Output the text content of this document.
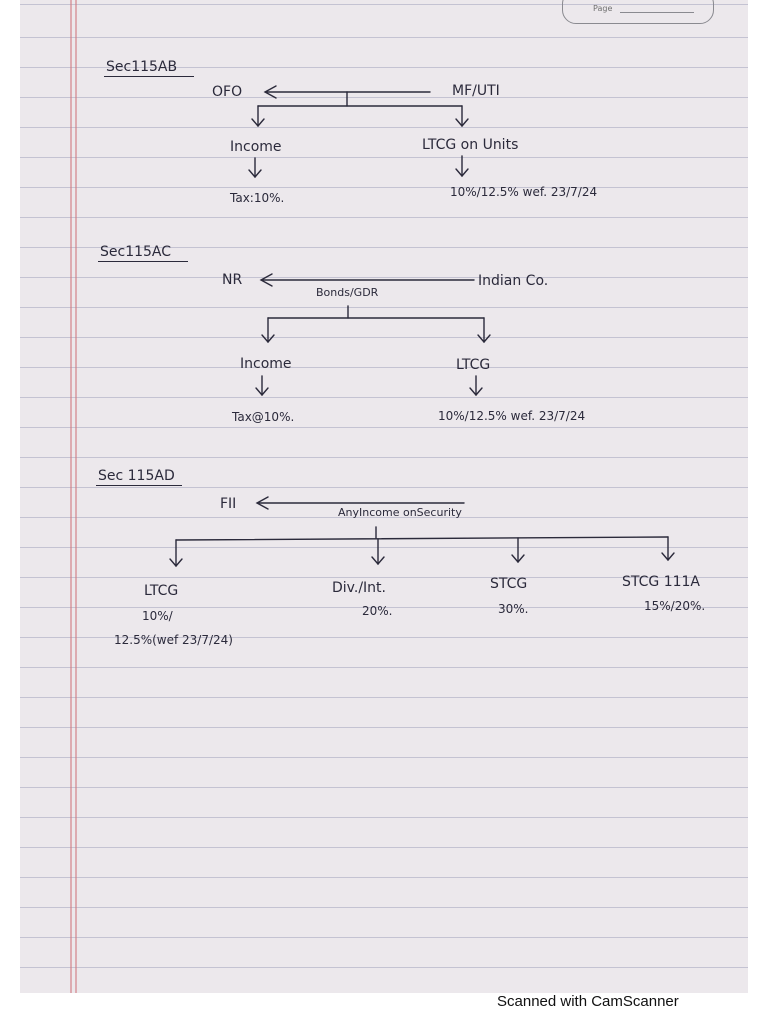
Page
Sec115AB
OFO	MF/UTI
Income	LTCG on Units
Tax:10%.	10%/12.5% wef. 23/7/24
Sec115AC
NR	Indian Co.
Bonds/GDR
Income	LTCG
Tax@10%.	10%/12.5% wef. 23/7/24
Sec 115AD
FII
AnyIncome onSecurity
LTCG	Div./Int.	STCG	STCG 111A
10%/
12.5%(wef 23/7/24)
20%.	30%.	15%/20%.
Scanned with CamScanner
